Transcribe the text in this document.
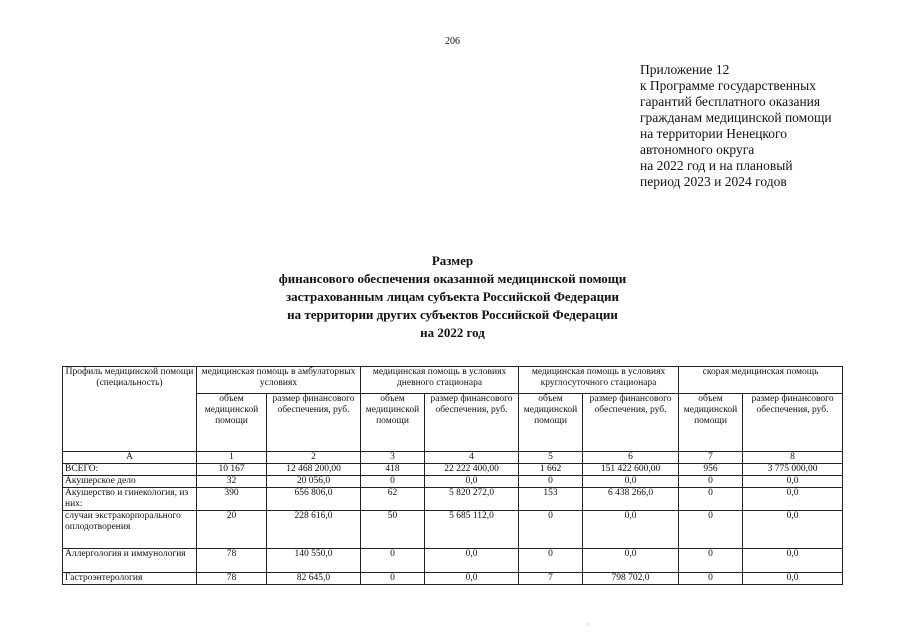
206
Приложение 12
к Программе государственных
гарантий бесплатного оказания
гражданам медицинской помощи
на территории Ненецкого
автономного округа
на 2022 год и на плановый
период 2023 и 2024 годов
Размер
финансового обеспечения оказанной медицинской помощи
застрахованным лицам субъекта Российской Федерации
на территории других субъектов Российской Федерации
на 2022 год
Профиль медицинской помощи (специальность)	медицинская помощь в амбулаторных условиях		медицинская помощь в условиях дневного стационара		медицинская помощь в условиях круглосуточного стационара		скорая медицинская помощь	
	объем медицинской помощи	размер финансового обеспечения, руб.	объем медицинской помощи	размер финансового обеспечения, руб.	объем медицинской помощи	размер финансового обеспечения, руб.	объем медицинской помощи	размер финансового обеспечения, руб.
А	1	2	3	4	5	6	7	8
ВСЕГО:	10 167	12 468 200,00	418	22 222 400,00	1 662	151 422 600,00	956	3 775 000,00
Акушерское дело	32	20 056,0	0	0,0	0	0,0	0	0,0
Акушерство и гинекология, из них:	390	656 806,0	62	5 820 272,0	153	6 438 266,0	0	0,0
случаи экстракорпорального оплодотворения	20	228 616,0	50	5 685 112,0	0	0,0	0	0,0
Аллергология и иммунология	78	140 550,0	0	0,0	0	0,0	0	0,0
Гастроэнтерология	78	82 645,0	0	0,0	7	798 702,0	0	0,0
·
